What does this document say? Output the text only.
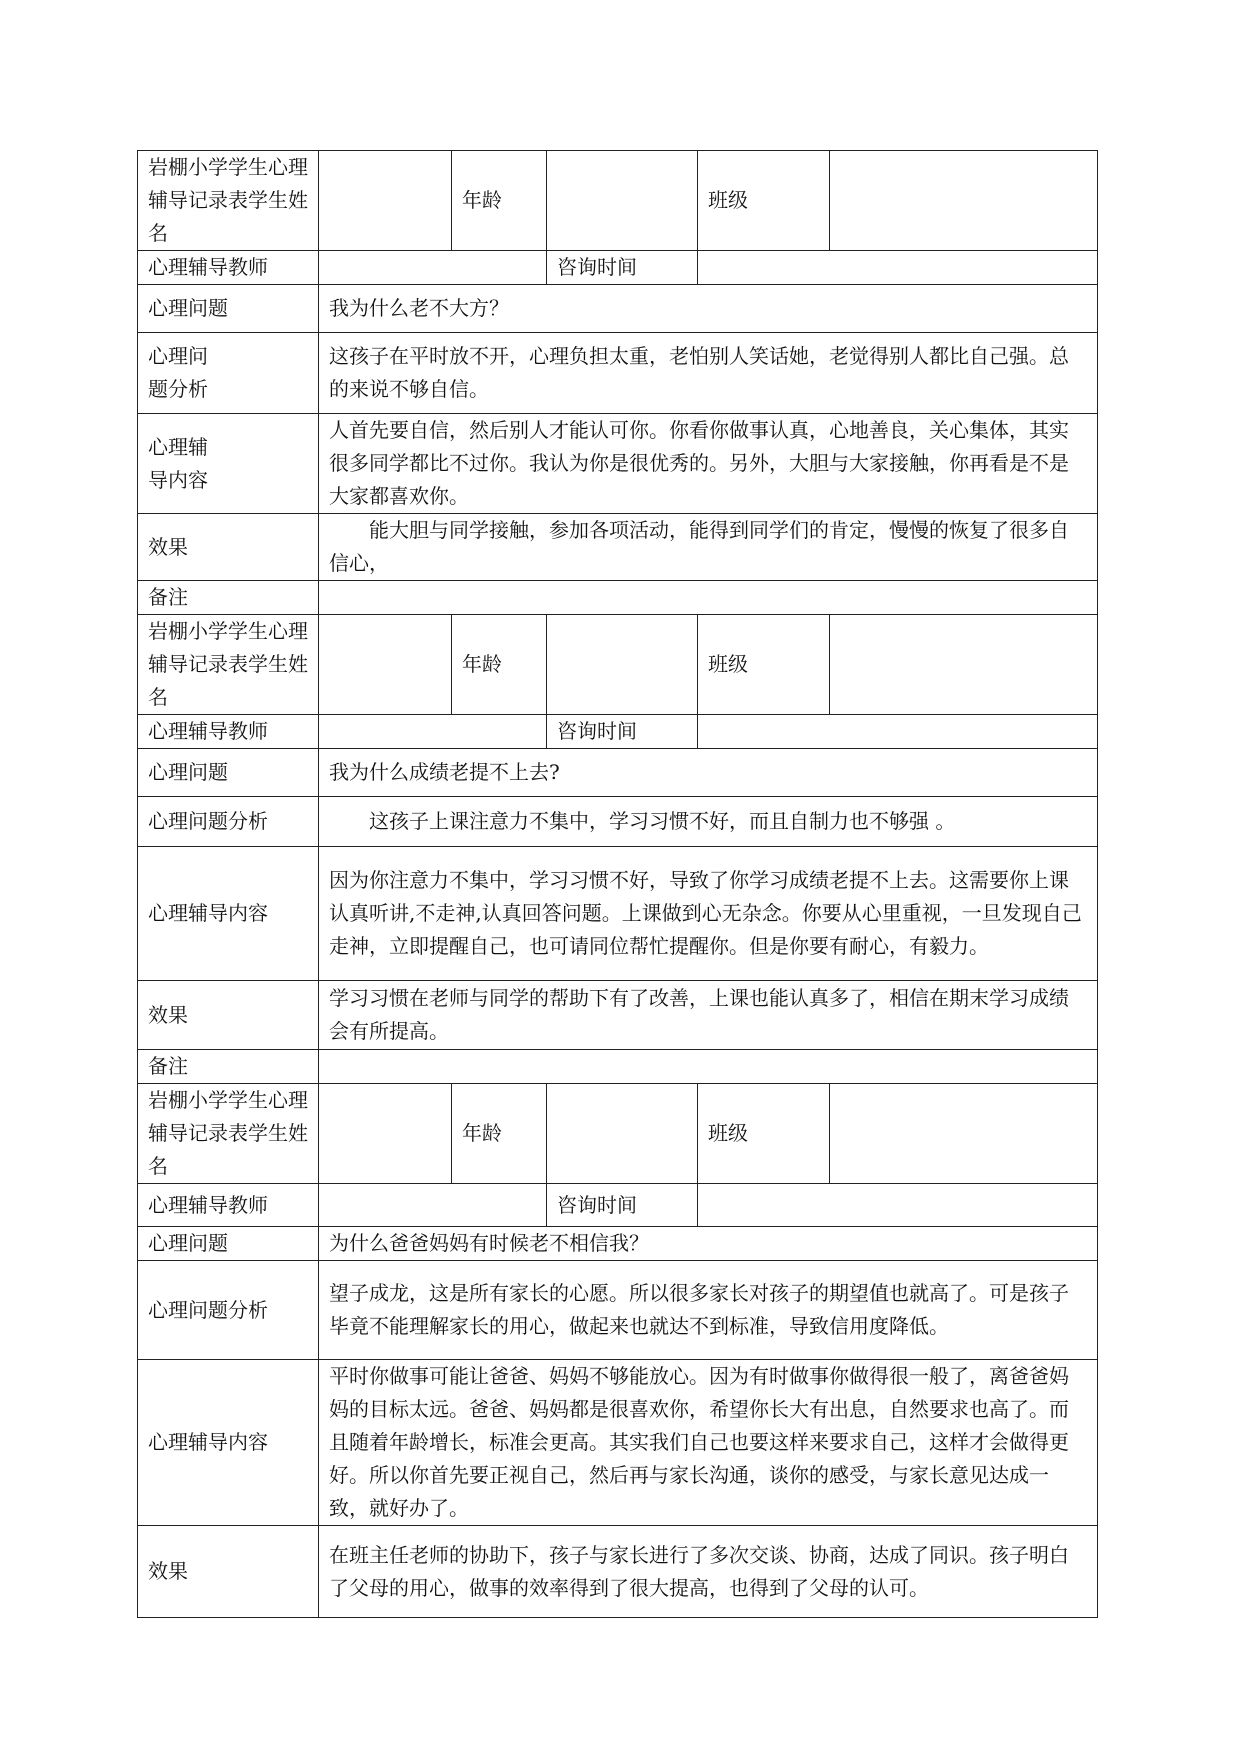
岩棚小学学生心理辅导记录表学生姓名		年龄		班级	
心理辅导教师			咨询时间		
心理问题	我为什么老不大方？				
心理问题分析	这孩子在平时放不开，心理负担太重，老怕别人笑话她，老觉得别人都比自己强。总的来说不够自信。				
心理辅导内容	人首先要自信，然后别人才能认可你。你看你做事认真，心地善良，关心集体，其实很多同学都比不过你。我认为你是很优秀的。另外，大胆与大家接触，你再看是不是大家都喜欢你。				
效果	能大胆与同学接触，参加各项活动，能得到同学们的肯定，慢慢的恢复了很多自信心，				
备注					
岩棚小学学生心理辅导记录表学生姓名		年龄		班级	
心理辅导教师			咨询时间		
心理问题	我为什么成绩老提不上去?				
心理问题分析	这孩子上课注意力不集中，学习习惯不好，而且自制力也不够强 。				
心理辅导内容	因为你注意力不集中，学习习惯不好，导致了你学习成绩老提不上去。这需要你上课认真听讲,不走神,认真回答问题。上课做到心无杂念。你要从心里重视，一旦发现自己走神，立即提醒自己，也可请同位帮忙提醒你。但是你要有耐心，有毅力。				
效果	学习习惯在老师与同学的帮助下有了改善，上课也能认真多了，相信在期末学习成绩会有所提高。				
备注					
岩棚小学学生心理辅导记录表学生姓名		年龄		班级	
心理辅导教师			咨询时间		
心理问题	为什么爸爸妈妈有时候老不相信我？				
心理问题分析	望子成龙，这是所有家长的心愿。所以很多家长对孩子的期望值也就高了。可是孩子毕竟不能理解家长的用心，做起来也就达不到标准，导致信用度降低。				
心理辅导内容	平时你做事可能让爸爸、妈妈不够能放心。因为有时做事你做得很一般了，离爸爸妈妈的目标太远。爸爸、妈妈都是很喜欢你，希望你长大有出息，自然要求也高了。而且随着年龄增长，标准会更高。其实我们自己也要这样来要求自己，这样才会做得更好。所以你首先要正视自己，然后再与家长沟通，谈你的感受，与家长意见达成一致，就好办了。				
效果	在班主任老师的协助下，孩子与家长进行了多次交谈、协商，达成了同识。孩子明白了父母的用心，做事的效率得到了很大提高，也得到了父母的认可。				
